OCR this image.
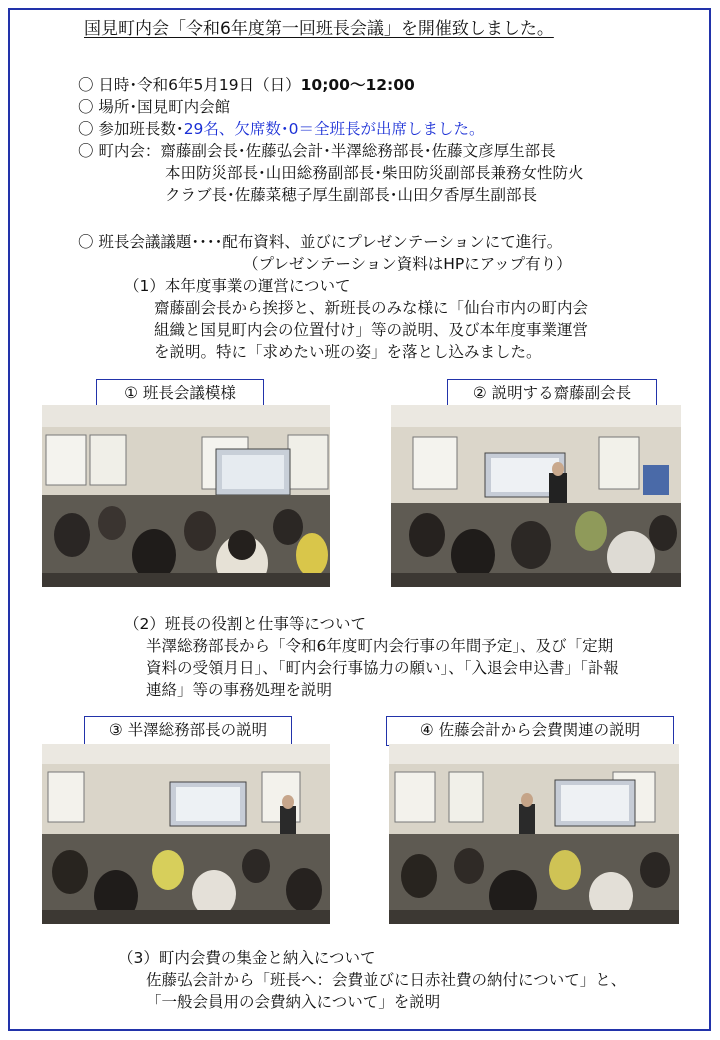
国見町内会「令和6年度第一回班長会議」を開催致しました。
〇 日時･令和6年5月19日（日）10;00～12:00
〇 場所･国見町内会館
〇 参加班長数･29名、欠席数･0＝全班長が出席しました。
〇 町内会：齋藤副会長･佐藤弘会計･半澤総務部長･佐藤文彦厚生部長
本田防災部長･山田総務副部長･柴田防災副部長兼務女性防火
クラブ長･佐藤菜穂子厚生副部長･山田夕香厚生副部長
〇 班長会議議題････配布資料、並びにプレゼンテーションにて進行。
（プレゼンテーション資料はHPにアップ有り）
（1）本年度事業の運営について
齋藤副会長から挨拶と、新班長のみな様に「仙台市内の町内会
組織と国見町内会の位置付け」等の説明、及び本年度事業運営
を説明。特に「求めたい班の姿」を落とし込みました。
① 班長会議模様	② 説明する齋藤副会長
（2）班長の役割と仕事等について
半澤総務部長から「令和6年度町内会行事の年間予定」、及び「定期
資料の受領月日」、「町内会行事協力の願い」、「入退会申込書」「訃報
連絡」等の事務処理を説明
③ 半澤総務部長の説明	④ 佐藤会計から会費関連の説明
（3）町内会費の集金と納入について
佐藤弘会計から「班長へ：会費並びに日赤社費の納付について」と、
「一般会員用の会費納入について」を説明
